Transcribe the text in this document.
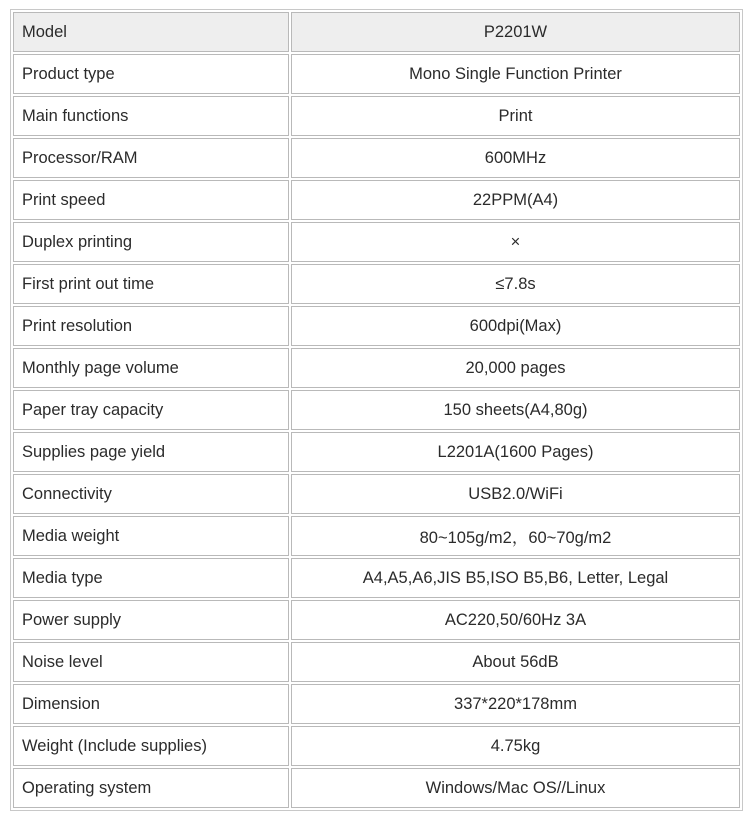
Model	P2201W
Product type	Mono Single Function Printer
Main functions	Print
Processor/RAM	600MHz
Print speed	22PPM(A4)
Duplex printing	×
First print out time	≤7.8s
Print resolution	600dpi(Max)
Monthly page volume	20,000 pages
Paper tray capacity	150 sheets(A4,80g)
Supplies page yield	L2201A(1600 Pages)
Connectivity	USB2.0/WiFi
Media weight	80~105g/m2，60~70g/m2
Media type	A4,A5,A6,JIS B5,ISO B5,B6, Letter, Legal
Power supply	AC220,50/60Hz 3A
Noise level	About 56dB
Dimension	337*220*178mm
Weight (Include supplies)	4.75kg
Operating system	Windows/Mac OS//Linux
